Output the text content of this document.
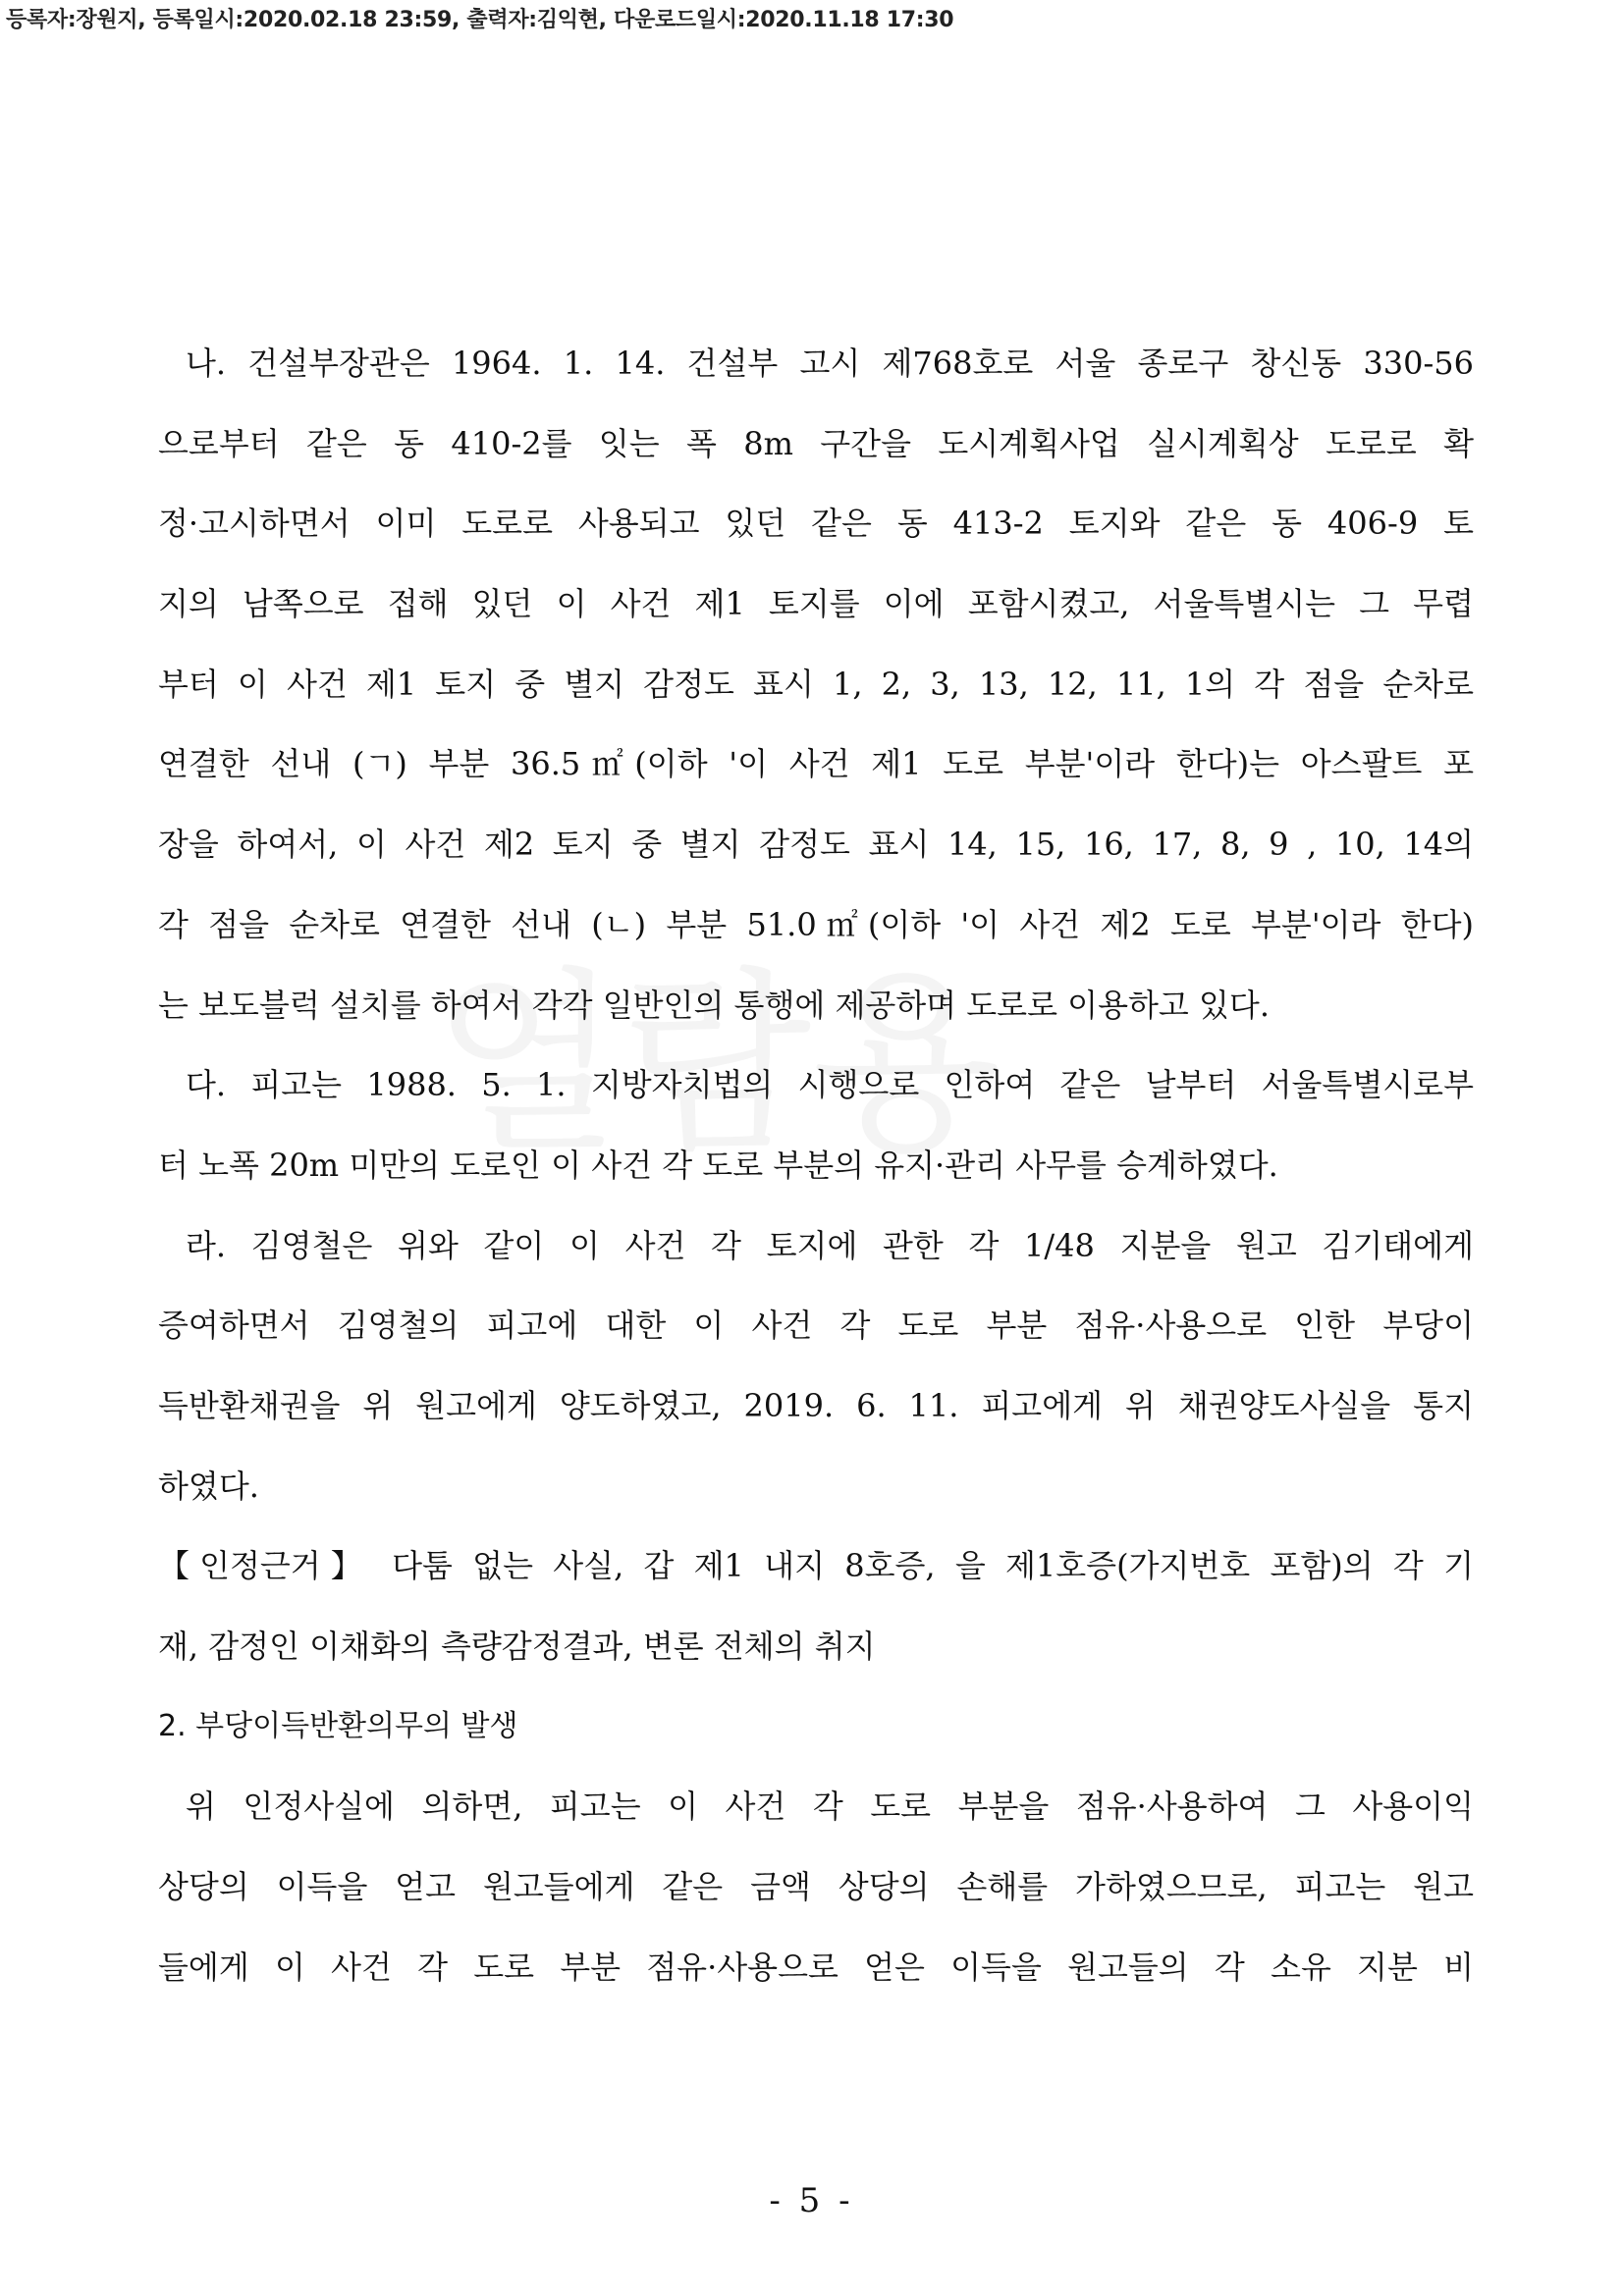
등록자:장원지, 등록일시:2020.02.18 23:59, 출력자:김익현, 다운로드일시:2020.11.18 17:30
나. 건설부장관은 1964. 1. 14. 건설부 고시 제768호로 서울 종로구 창신동 330-56
으로부터 같은 동 410-2를 잇는 폭 8m 구간을 도시계획사업 실시계획상 도로로 확
정·고시하면서 이미 도로로 사용되고 있던 같은 동 413-2 토지와 같은 동 406-9 토
지의 남쪽으로 접해 있던 이 사건 제1 토지를 이에 포함시켰고, 서울특별시는 그 무렵
부터 이 사건 제1 토지 중 별지 감정도 표시 1, 2, 3, 13, 12, 11, 1의 각 점을 순차로
연결한 선내 (ㄱ) 부분 36.5㎡(이하 '이 사건 제1 도로 부분'이라 한다)는 아스팔트 포
장을 하여서, 이 사건 제2 토지 중 별지 감정도 표시 14, 15, 16, 17, 8, 9 , 10, 14의
각 점을 순차로 연결한 선내 (ㄴ) 부분 51.0㎡(이하 '이 사건 제2 도로 부분'이라 한다)
는 보도블럭 설치를 하여서 각각 일반인의 통행에 제공하며 도로로 이용하고 있다.
다. 피고는 1988. 5. 1. 지방자치법의 시행으로 인하여 같은 날부터 서울특별시로부
터 노폭 20m 미만의 도로인 이 사건 각 도로 부분의 유지·관리 사무를 승계하였다.
라. 김영철은 위와 같이 이 사건 각 토지에 관한 각 1/48 지분을 원고 김기태에게
증여하면서 김영철의 피고에 대한 이 사건 각 도로 부분 점유·사용으로 인한 부당이
득반환채권을 위 원고에게 양도하였고, 2019. 6. 11. 피고에게 위 채권양도사실을 통지
하였다.
【인정근거】 다툼 없는 사실, 갑 제1 내지 8호증, 을 제1호증(가지번호 포함)의 각 기
재, 감정인 이채화의 측량감정결과, 변론 전체의 취지
2. 부당이득반환의무의 발생
위 인정사실에 의하면, 피고는 이 사건 각 도로 부분을 점유·사용하여 그 사용이익
상당의 이득을 얻고 원고들에게 같은 금액 상당의 손해를 가하였으므로, 피고는 원고
들에게 이 사건 각 도로 부분 점유·사용으로 얻은 이득을 원고들의 각 소유 지분 비
- 5 -
